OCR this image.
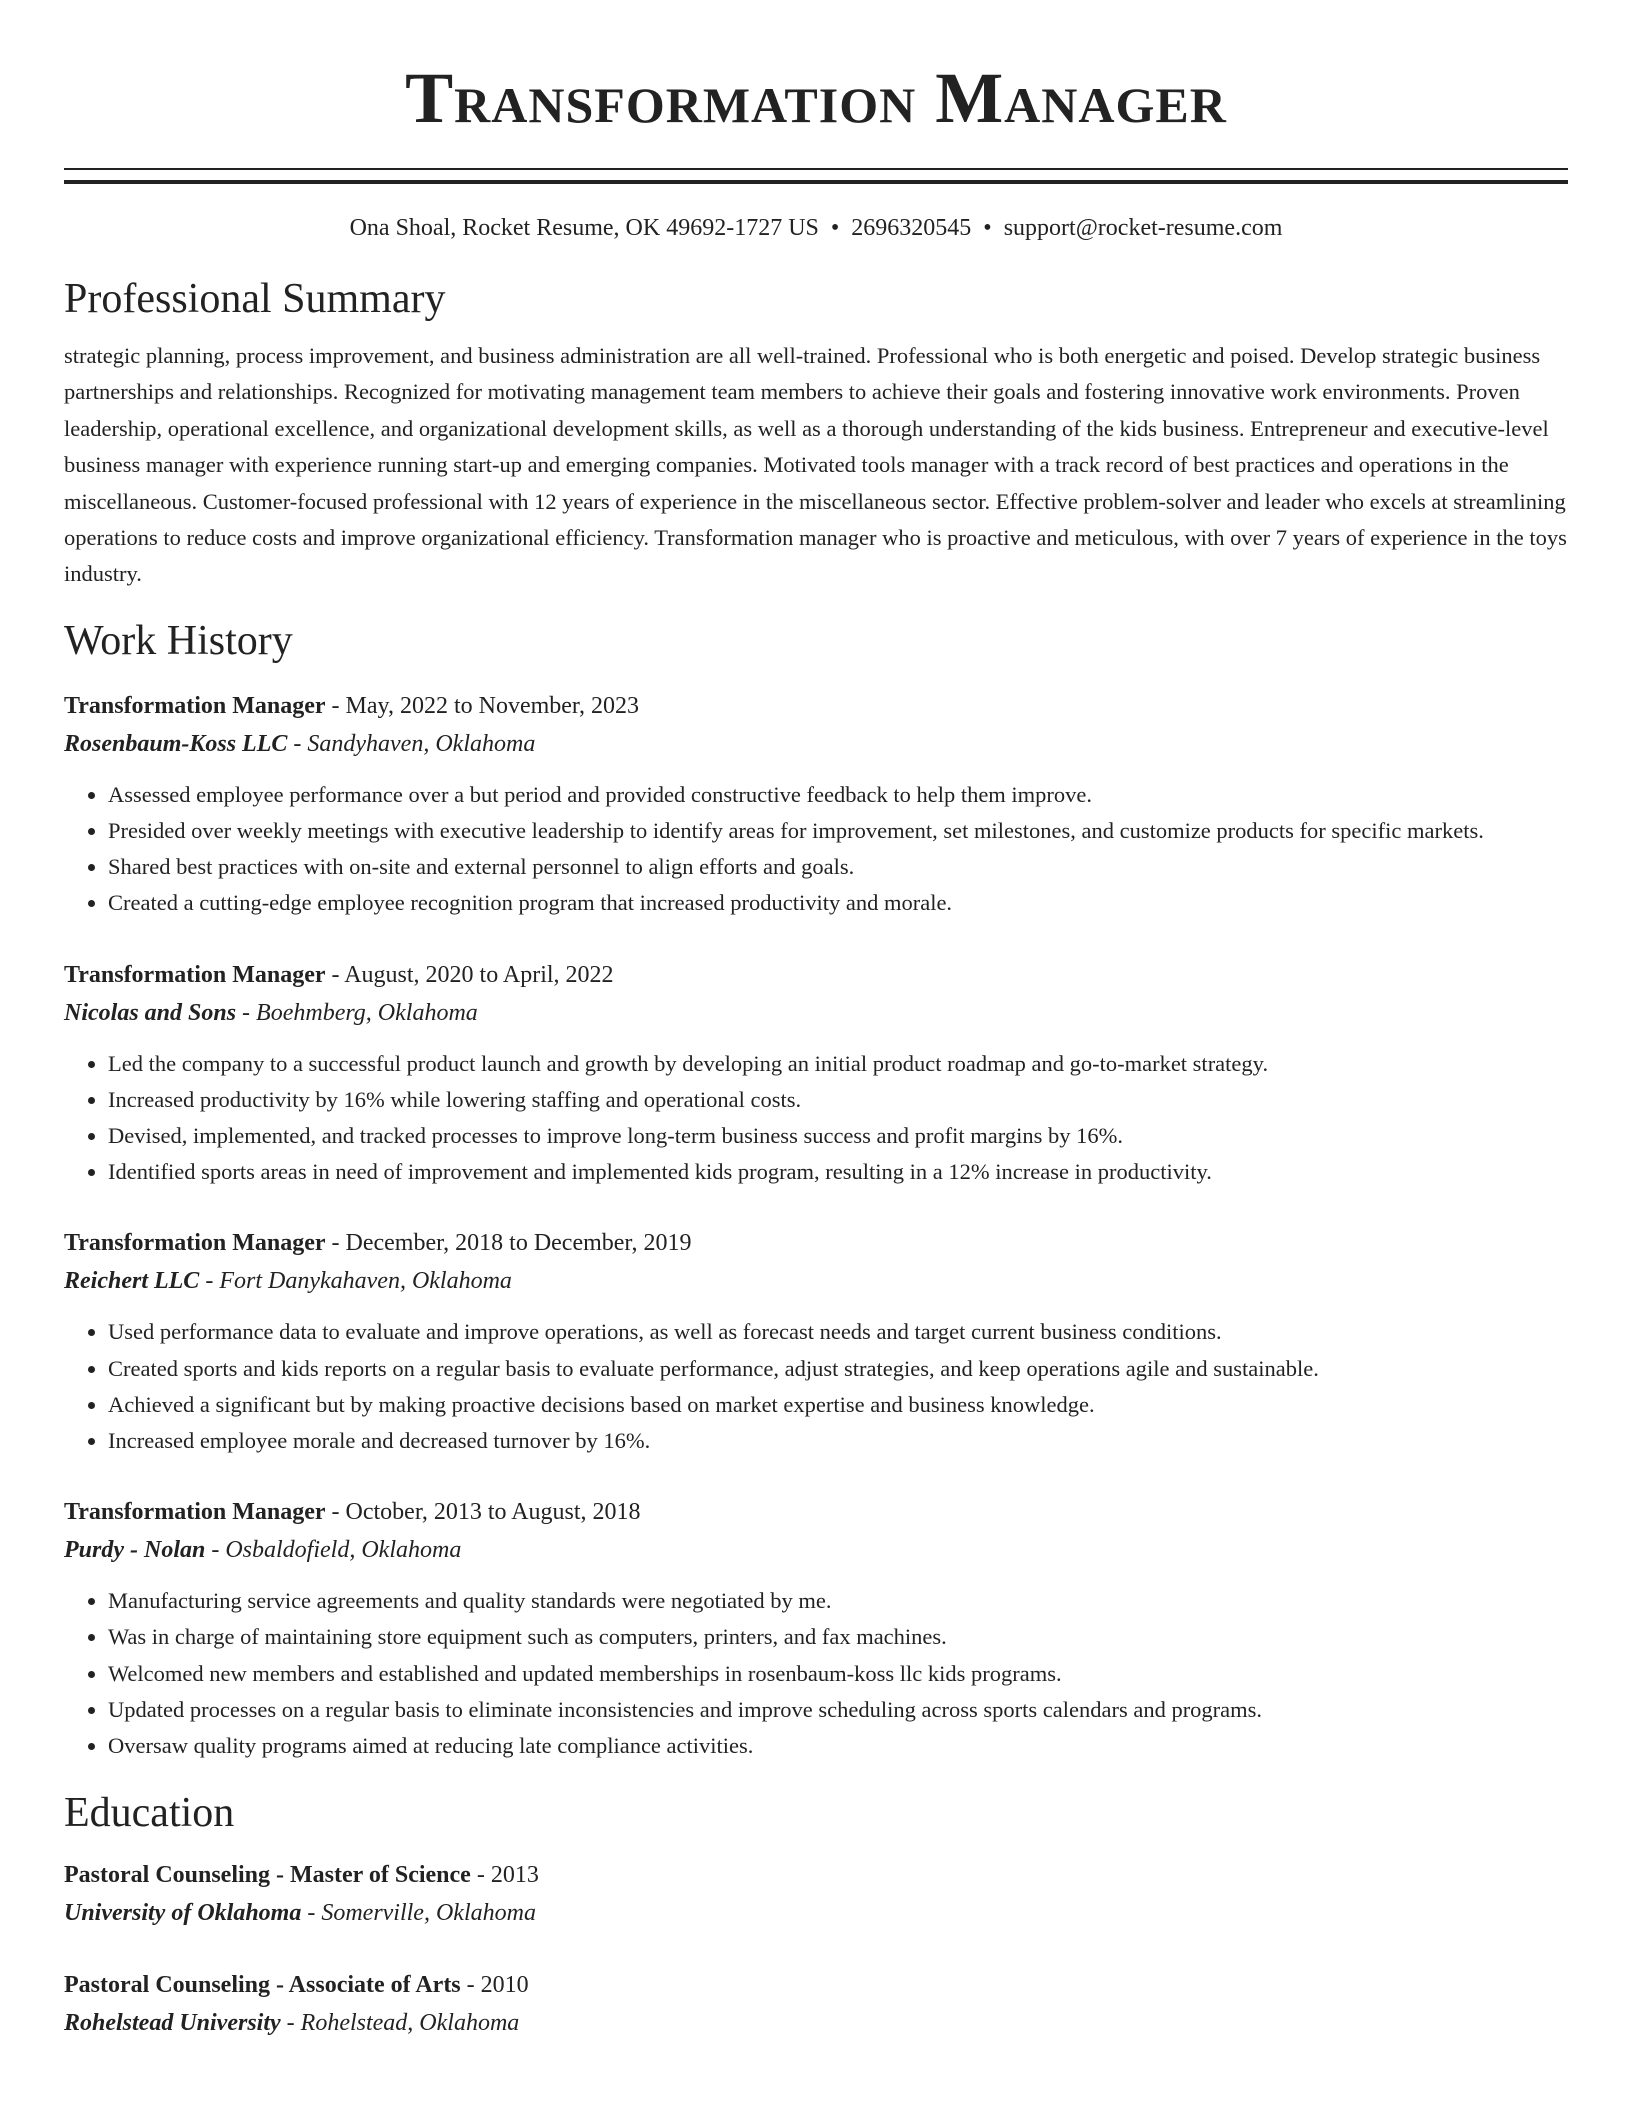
Transformation Manager
Ona Shoal, Rocket Resume, OK 49692-1727 US • 2696320545 • support@rocket-resume.com
Professional Summary

strategic planning, process improvement, and business administration are all well-trained. Professional who is both energetic and poised. Develop strategic business partnerships and relationships. Recognized for motivating management team members to achieve their goals and fostering innovative work environments. Proven leadership, operational excellence, and organizational development skills, as well as a thorough understanding of the kids business. Entrepreneur and executive-level business manager with experience running start-up and emerging companies. Motivated tools manager with a track record of best practices and operations in the miscellaneous. Customer-focused professional with 12 years of experience in the miscellaneous sector. Effective problem-solver and leader who excels at streamlining operations to reduce costs and improve organizational efficiency. Transformation manager who is proactive and meticulous, with over 7 years of experience in the toys industry.

Work History
Transformation Manager - May, 2022 to November, 2023
Rosenbaum-Koss LLC - Sandyhaven, Oklahoma
• Assessed employee performance over a but period and provided constructive feedback to help them improve.
• Presided over weekly meetings with executive leadership to identify areas for improvement, set milestones, and customize products for specific markets.
• Shared best practices with on-site and external personnel to align efforts and goals.
• Created a cutting-edge employee recognition program that increased productivity and morale.
Transformation Manager - August, 2020 to April, 2022
Nicolas and Sons - Boehmberg, Oklahoma
• Led the company to a successful product launch and growth by developing an initial product roadmap and go-to-market strategy.
• Increased productivity by 16% while lowering staffing and operational costs.
• Devised, implemented, and tracked processes to improve long-term business success and profit margins by 16%.
• Identified sports areas in need of improvement and implemented kids program, resulting in a 12% increase in productivity.
Transformation Manager - December, 2018 to December, 2019
Reichert LLC - Fort Danykahaven, Oklahoma
• Used performance data to evaluate and improve operations, as well as forecast needs and target current business conditions.
• Created sports and kids reports on a regular basis to evaluate performance, adjust strategies, and keep operations agile and sustainable.
• Achieved a significant but by making proactive decisions based on market expertise and business knowledge.
• Increased employee morale and decreased turnover by 16%.
Transformation Manager - October, 2013 to August, 2018
Purdy - Nolan - Osbaldofield, Oklahoma
• Manufacturing service agreements and quality standards were negotiated by me.
• Was in charge of maintaining store equipment such as computers, printers, and fax machines.
• Welcomed new members and established and updated memberships in rosenbaum-koss llc kids programs.
• Updated processes on a regular basis to eliminate inconsistencies and improve scheduling across sports calendars and programs.
• Oversaw quality programs aimed at reducing late compliance activities.
Education
Pastoral Counseling - Master of Science - 2013
University of Oklahoma - Somerville, Oklahoma
Pastoral Counseling - Associate of Arts - 2010
Rohelstead University - Rohelstead, Oklahoma
